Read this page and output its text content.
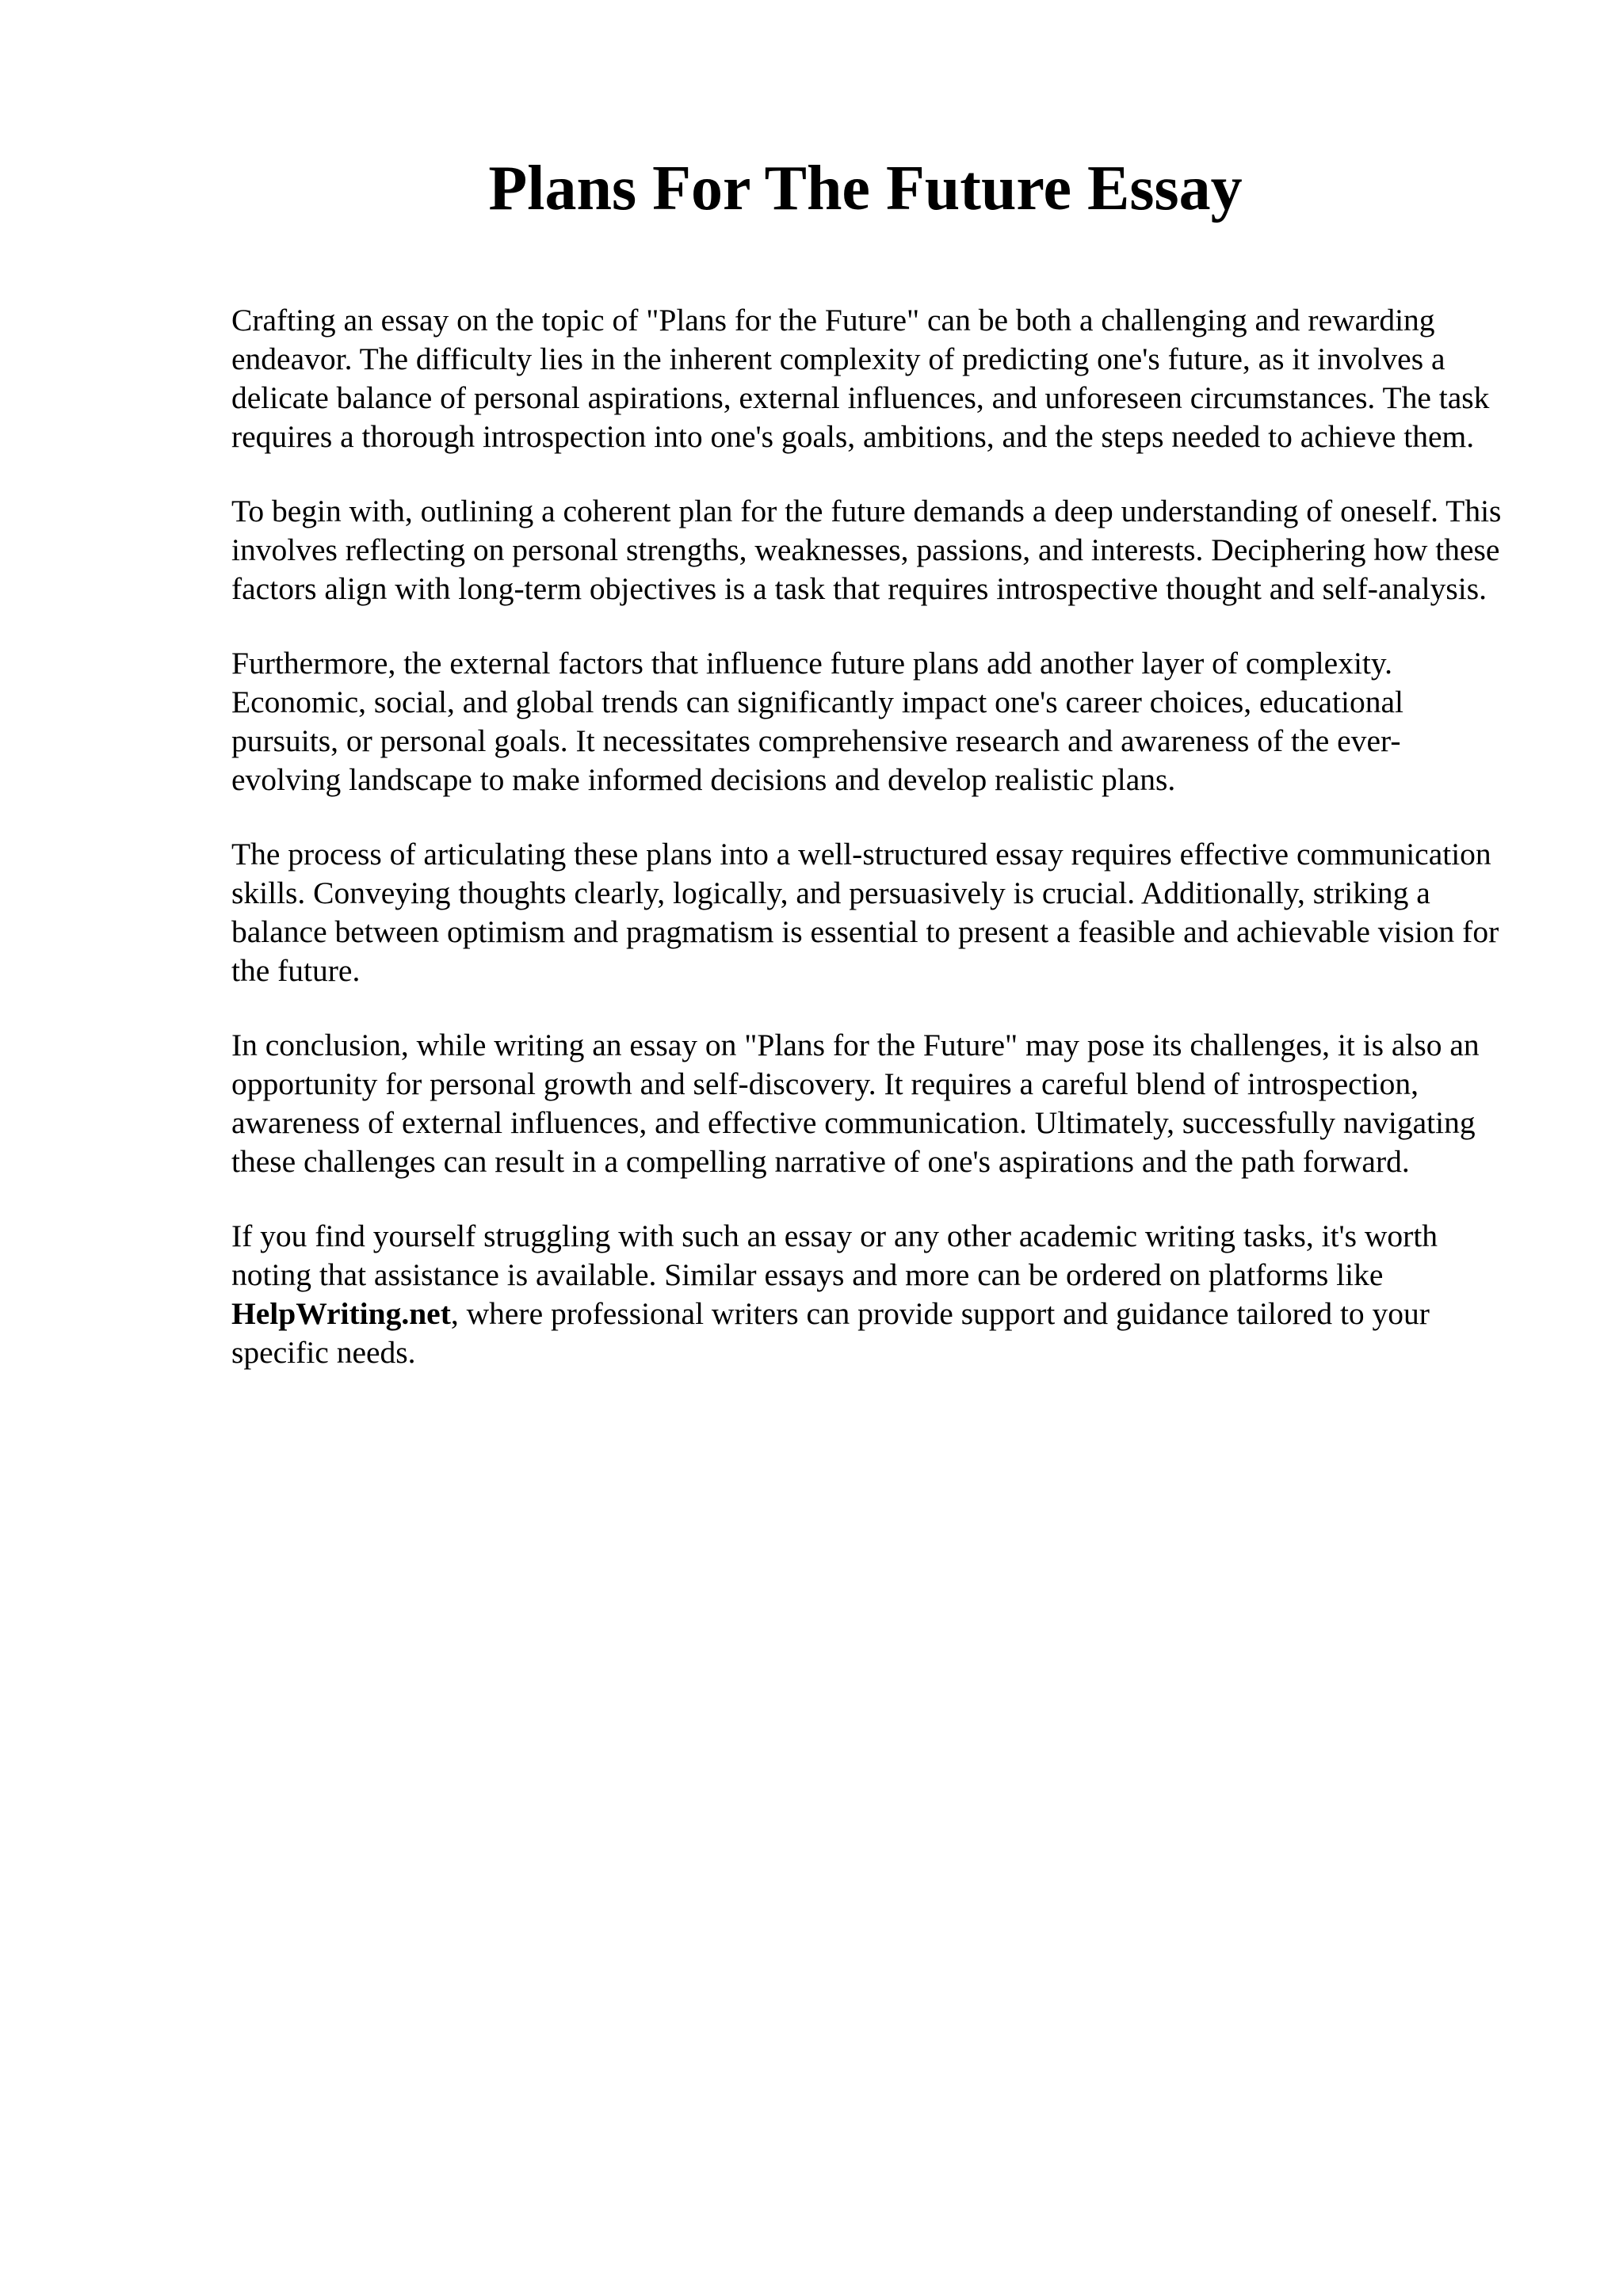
Plans For The Future Essay

Crafting an essay on the topic of "Plans for the Future" can be both a challenging and rewarding endeavor. The difficulty lies in the inherent complexity of predicting one's future, as it involves a delicate balance of personal aspirations, external influences, and unforeseen circumstances. The task requires a thorough introspection into one's goals, ambitions, and the steps needed to achieve them.

To begin with, outlining a coherent plan for the future demands a deep understanding of oneself. This involves reflecting on personal strengths, weaknesses, passions, and interests. Deciphering how these factors align with long-term objectives is a task that requires introspective thought and self-analysis.

Furthermore, the external factors that influence future plans add another layer of complexity. Economic, social, and global trends can significantly impact one's career choices, educational pursuits, or personal goals. It necessitates comprehensive research and awareness of the ever-evolving landscape to make informed decisions and develop realistic plans.

The process of articulating these plans into a well-structured essay requires effective communication skills. Conveying thoughts clearly, logically, and persuasively is crucial. Additionally, striking a balance between optimism and pragmatism is essential to present a feasible and achievable vision for the future.

In conclusion, while writing an essay on "Plans for the Future" may pose its challenges, it is also an opportunity for personal growth and self-discovery. It requires a careful blend of introspection, awareness of external influences, and effective communication. Ultimately, successfully navigating these challenges can result in a compelling narrative of one's aspirations and the path forward.

If you find yourself struggling with such an essay or any other academic writing tasks, it's worth noting that assistance is available. Similar essays and more can be ordered on platforms like HelpWriting.net, where professional writers can provide support and guidance tailored to your specific needs.
